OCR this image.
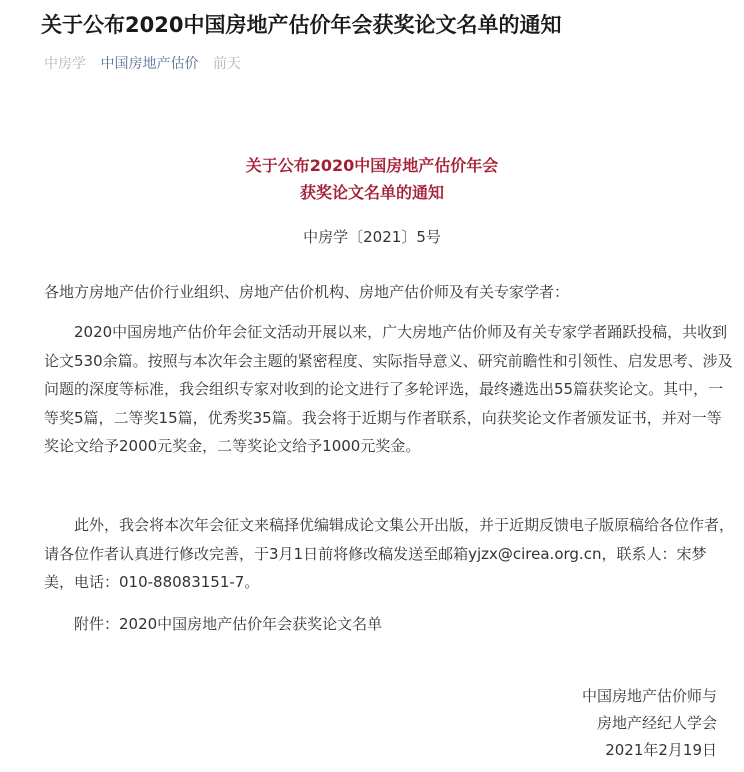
关于公布2020中国房地产估价年会获奖论文名单的通知
中房学 中国房地产估价 前天
关于公布2020中国房地产估价年会
获奖论文名单的通知
中房学〔2021〕5号

各地方房地产估价行业组织、房地产估价机构、房地产估价师及有关专家学者：

2020中国房地产估价年会征文活动开展以来，广大房地产估价师及有关专家学者踊跃投稿，共收到论文530余篇。按照与本次年会主题的紧密程度、实际指导意义、研究前瞻性和引领性、启发思考、涉及问题的深度等标准，我会组织专家对收到的论文进行了多轮评选，最终遴选出55篇获奖论文。其中，一等奖5篇，二等奖15篇，优秀奖35篇。我会将于近期与作者联系，向获奖论文作者颁发证书，并对一等奖论文给予2000元奖金，二等奖论文给予1000元奖金。

此外，我会将本次年会征文来稿择优编辑成论文集公开出版，并于近期反馈电子版原稿给各位作者，请各位作者认真进行修改完善，于3月1日前将修改稿发送至邮箱yjzx@cirea.org.cn，联系人：宋梦美，电话：010-88083151-7。

附件：2020中国房地产估价年会获奖论文名单

中国房地产估价师与
房地产经纪人学会
2021年2月19日
